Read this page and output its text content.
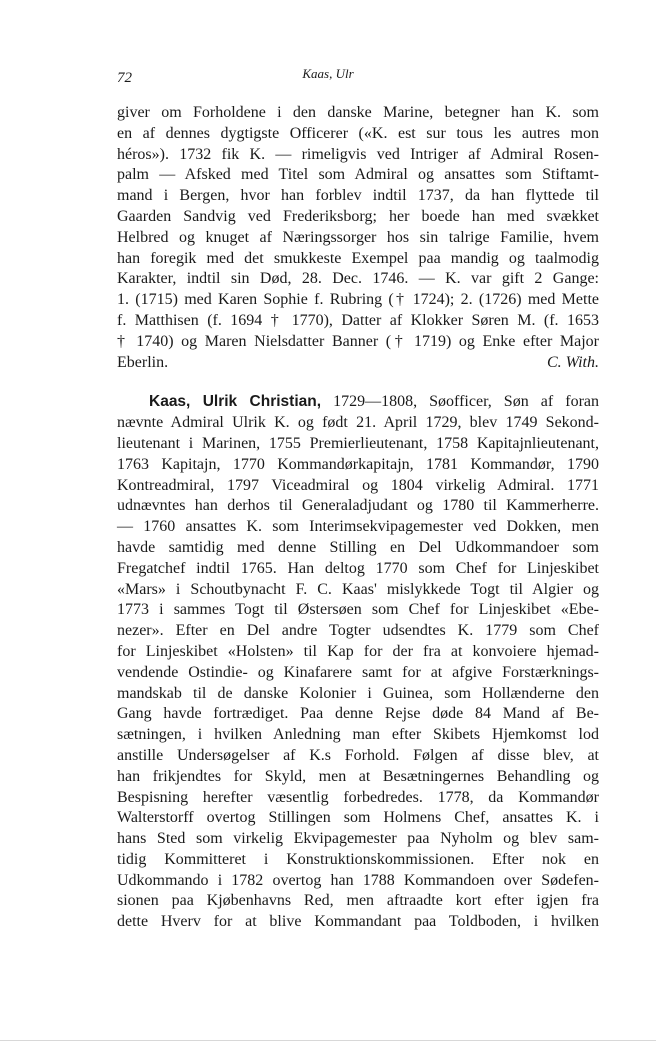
72	Kaas, Ulr
giver om Forholdene i den danske Marine, betegner han K. som
en af dennes dygtigste Officerer («K. est sur tous les autres mon
héros»). 1732 fik K. — rimeligvis ved Intriger af Admiral Rosen-
palm — Afsked med Titel som Admiral og ansattes som Stiftamt-
mand i Bergen, hvor han forblev indtil 1737, da han flyttede til
Gaarden Sandvig ved Frederiksborg; her boede han med svækket
Helbred og knuget af Næringssorger hos sin talrige Familie, hvem
han foregik med det smukkeste Exempel paa mandig og taalmodig
Karakter, indtil sin Død, 28. Dec. 1746. — K. var gift 2 Gange:
1. (1715) med Karen Sophie f. Rubring († 1724); 2. (1726) med Mette
f. Matthisen (f. 1694 † 1770), Datter af Klokker Søren M. (f. 1653
† 1740) og Maren Nielsdatter Banner († 1719) og Enke efter Major
Eberlin.	C. With.
Kaas, Ulrik Christian, 1729—1808, Søofficer, Søn af foran
nævnte Admiral Ulrik K. og født 21. April 1729, blev 1749 Sekond-
lieutenant i Marinen, 1755 Premierlieutenant, 1758 Kapitajnlieutenant,
1763 Kapitajn, 1770 Kommandørkapitajn, 1781 Kommandør, 1790
Kontreadmiral, 1797 Viceadmiral og 1804 virkelig Admiral. 1771
udnævntes han derhos til Generaladjudant og 1780 til Kammerherre.
— 1760 ansattes K. som Interimsekvipagemester ved Dokken, men
havde samtidig med denne Stilling en Del Udkommandoer som
Fregatchef indtil 1765. Han deltog 1770 som Chef for Linjeskibet
«Mars» i Schoutbynacht F. C. Kaas' mislykkede Togt til Algier og
1773 i sammes Togt til Østersøen som Chef for Linjeskibet «Ebe-
nezer». Efter en Del andre Togter udsendtes K. 1779 som Chef
for Linjeskibet «Holsten» til Kap for der fra at konvoiere hjemad-
vendende Ostindie- og Kinafarere samt for at afgive Forstærknings-
mandskab til de danske Kolonier i Guinea, som Hollænderne den
Gang havde fortrædiget. Paa denne Rejse døde 84 Mand af Be-
sætningen, i hvilken Anledning man efter Skibets Hjemkomst lod
anstille Undersøgelser af K.s Forhold. Følgen af disse blev, at
han frikjendtes for Skyld, men at Besætningernes Behandling og
Bespisning herefter væsentlig forbedredes. 1778, da Kommandør
Walterstorff overtog Stillingen som Holmens Chef, ansattes K. i
hans Sted som virkelig Ekvipagemester paa Nyholm og blev sam-
tidig Kommitteret i Konstruktionskommissionen. Efter nok en
Udkommando i 1782 overtog han 1788 Kommandoen over Sødefen-
sionen paa Kjøbenhavns Red, men aftraadte kort efter igjen fra
dette Hverv for at blive Kommandant paa Toldboden, i hvilken
